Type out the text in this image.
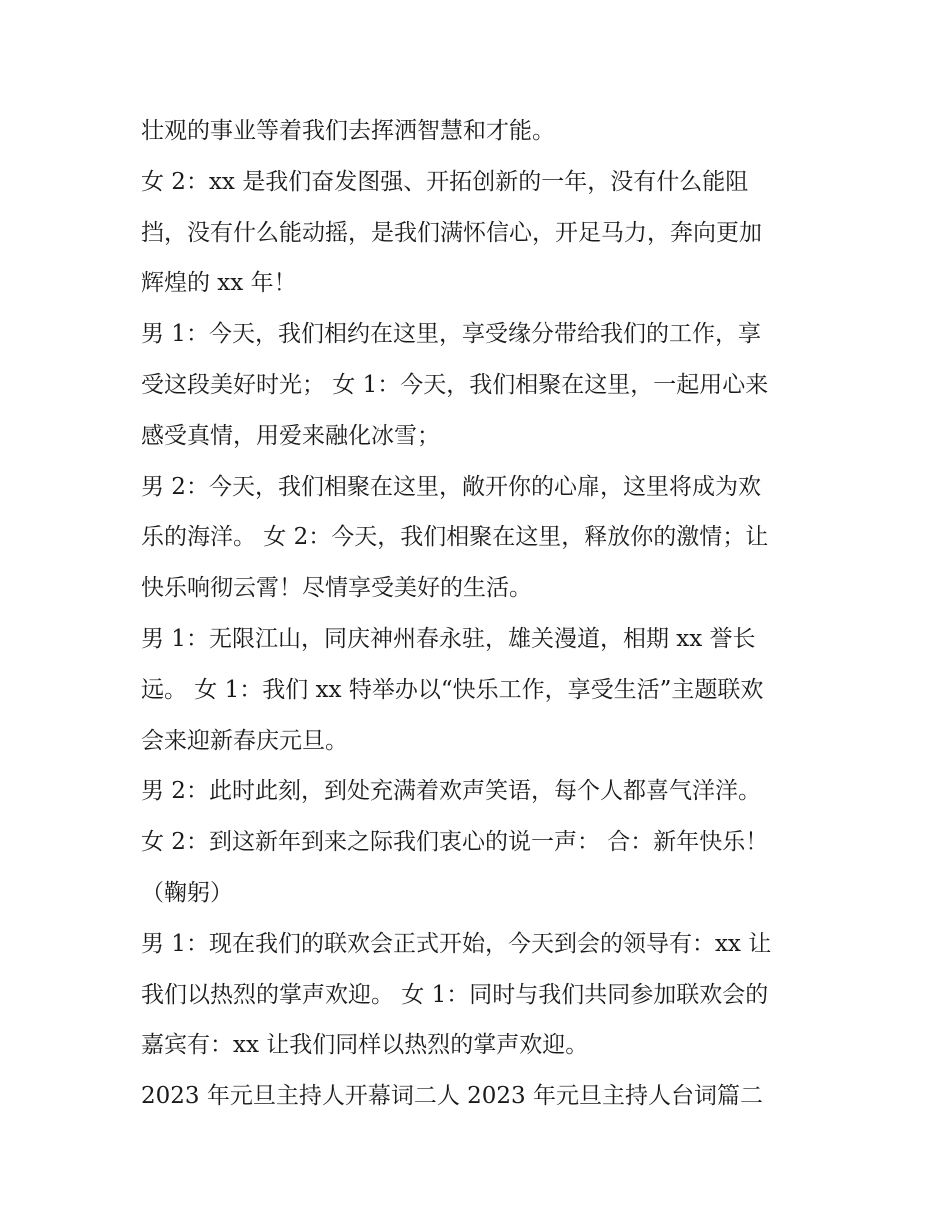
壮观的事业等着我们去挥洒智慧和才能。
女 2：xx 是我们奋发图强、开拓创新的一年，没有什么能阻
挡，没有什么能动摇，是我们满怀信心，开足马力，奔向更加
辉煌的 xx 年！
男 1：今天，我们相约在这里，享受缘分带给我们的工作，享
受这段美好时光； 女 1：今天，我们相聚在这里，一起用心来
感受真情，用爱来融化冰雪；
男 2：今天，我们相聚在这里，敞开你的心扉，这里将成为欢
乐的海洋。 女 2：今天，我们相聚在这里，释放你的激情；让
快乐响彻云霄！尽情享受美好的生活。
男 1：无限江山，同庆神州春永驻，雄关漫道，相期 xx 誉长
远。 女 1：我们 xx 特举办以“快乐工作，享受生活”主题联欢
会来迎新春庆元旦。
男 2：此时此刻，到处充满着欢声笑语，每个人都喜气洋洋。
女 2：到这新年到来之际我们衷心的说一声： 合：新年快乐！
（鞠躬）
男 1：现在我们的联欢会正式开始，今天到会的领导有：xx 让
我们以热烈的掌声欢迎。 女 1：同时与我们共同参加联欢会的
嘉宾有：xx 让我们同样以热烈的掌声欢迎。
2023 年元旦主持人开幕词二人 2023 年元旦主持人台词篇二
